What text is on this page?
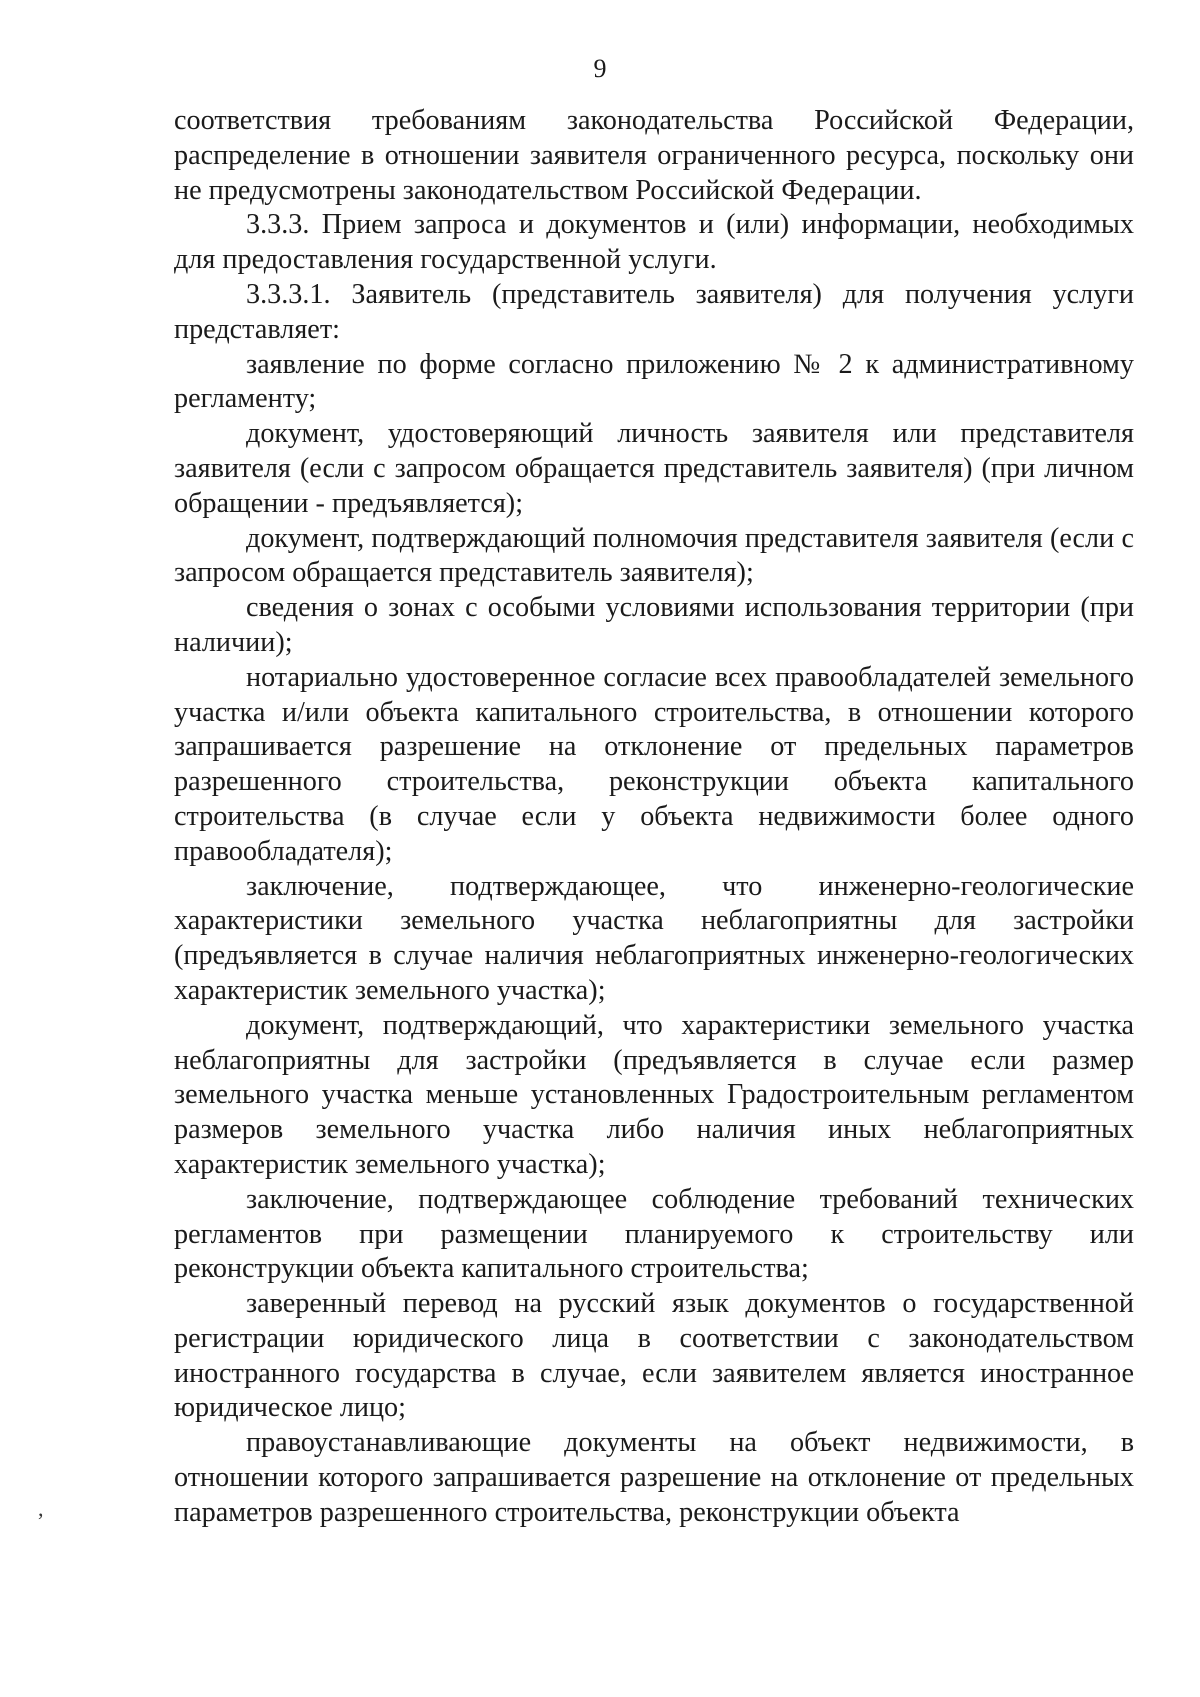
9

соответствия требованиям законодательства Российской Федерации, распределение в отношении заявителя ограниченного ресурса, поскольку они не предусмотрены законодательством Российской Федерации.

3.3.3. Прием запроса и документов и (или) информации, необходимых для предоставления государственной услуги.

3.3.3.1. Заявитель (представитель заявителя) для получения услуги представляет:

заявление по форме согласно приложению № 2 к административному регламенту;

документ, удостоверяющий личность заявителя или представителя заявителя (если с запросом обращается представитель заявителя) (при личном обращении - предъявляется);

документ, подтверждающий полномочия представителя заявителя (если с запросом обращается представитель заявителя);

сведения о зонах с особыми условиями использования территории (при наличии);

нотариально удостоверенное согласие всех правообладателей земельного участка и/или объекта капитального строительства, в отношении которого запрашивается разрешение на отклонение от предельных параметров разрешенного строительства, реконструкции объекта капитального строительства (в случае если у объекта недвижимости более одного правообладателя);

заключение, подтверждающее, что инженерно-геологические характеристики земельного участка неблагоприятны для застройки (предъявляется в случае наличия неблагоприятных инженерно-геологических характеристик земельного участка);

документ, подтверждающий, что характеристики земельного участка неблагоприятны для застройки (предъявляется в случае если размер земельного участка меньше установленных Градостроительным регламентом размеров земельного участка либо наличия иных неблагоприятных характеристик земельного участка);

заключение, подтверждающее соблюдение требований технических регламентов при размещении планируемого к строительству или реконструкции объекта капитального строительства;

заверенный перевод на русский язык документов о государственной регистрации юридического лица в соответствии с законодательством иностранного государства в случае, если заявителем является иностранное юридическое лицо;

правоустанавливающие документы на объект недвижимости, в отношении которого запрашивается разрешение на отклонение от предельных параметров разрешенного строительства, реконструкции объекта

,
